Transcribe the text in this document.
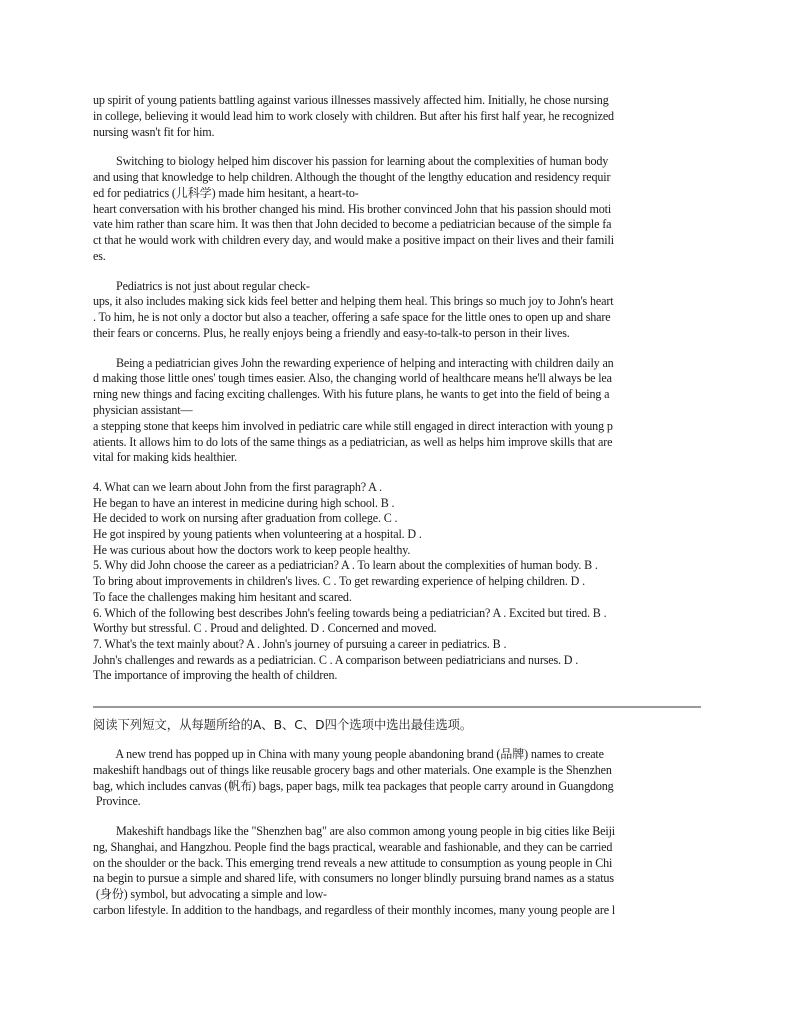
up spirit of young patients battling against various illnesses massively affected him. Initially, he chose nursing
in college, believing it would lead him to work closely with children. But after his first half year, he recognized
nursing wasn't fit for him.
Switching to biology helped him discover his passion for learning about the complexities of human body
and using that knowledge to help children. Although the thought of the lengthy education and residency requir
ed for pediatrics (儿科学) made him hesitant, a heart-to-
heart conversation with his brother changed his mind. His brother convinced John that his passion should moti
vate him rather than scare him. It was then that John decided to become a pediatrician because of the simple fa
ct that he would work with children every day, and would make a positive impact on their lives and their famili
es.
Pediatrics is not just about regular check-
ups, it also includes making sick kids feel better and helping them heal. This brings so much joy to John's heart
. To him, he is not only a doctor but also a teacher, offering a safe space for the little ones to open up and share
their fears or concerns. Plus, he really enjoys being a friendly and easy-to-talk-to person in their lives.
Being a pediatrician gives John the rewarding experience of helping and interacting with children daily an
d making those little ones' tough times easier. Also, the changing world of healthcare means he'll always be lea
rning new things and facing exciting challenges. With his future plans, he wants to get into the field of being a
physician assistant—
a stepping stone that keeps him involved in pediatric care while still engaged in direct interaction with young p
atients. It allows him to do lots of the same things as a pediatrician, as well as helps him improve skills that are
vital for making kids healthier.
4. What can we learn about John from the first paragraph? A .
He began to have an interest in medicine during high school. B .
He decided to work on nursing after graduation from college. C .
He got inspired by young patients when volunteering at a hospital. D .
He was curious about how the doctors work to keep people healthy.
5. Why did John choose the career as a pediatrician? A . To learn about the complexities of human body. B .
To bring about improvements in children's lives. C . To get rewarding experience of helping children. D .
To face the challenges making him hesitant and scared.
6. Which of the following best describes John's feeling towards being a pediatrician? A . Excited but tired. B .
Worthy but stressful. C . Proud and delighted. D . Concerned and moved.
7. What's the text mainly about? A . John's journey of pursuing a career in pediatrics. B .
John's challenges and rewards as a pediatrician. C . A comparison between pediatricians and nurses. D .
The importance of improving the health of children.
阅读下列短文，从每题所给的A、B、C、D四个选项中选出最佳选项。
A new trend has popped up in China with many young people abandoning brand (品牌) names to create
makeshift handbags out of things like reusable grocery bags and other materials. One example is the Shenzhen
bag, which includes canvas (帆布) bags, paper bags, milk tea packages that people carry around in Guangdong
Province.
Makeshift handbags like the "Shenzhen bag" are also common among young people in big cities like Beiji
ng, Shanghai, and Hangzhou. People find the bags practical, wearable and fashionable, and they can be carried
on the shoulder or the back. This emerging trend reveals a new attitude to consumption as young people in Chi
na begin to pursue a simple and shared life, with consumers no longer blindly pursuing brand names as a status
(身份) symbol, but advocating a simple and low-
carbon lifestyle. In addition to the handbags, and regardless of their monthly incomes, many young people are l
